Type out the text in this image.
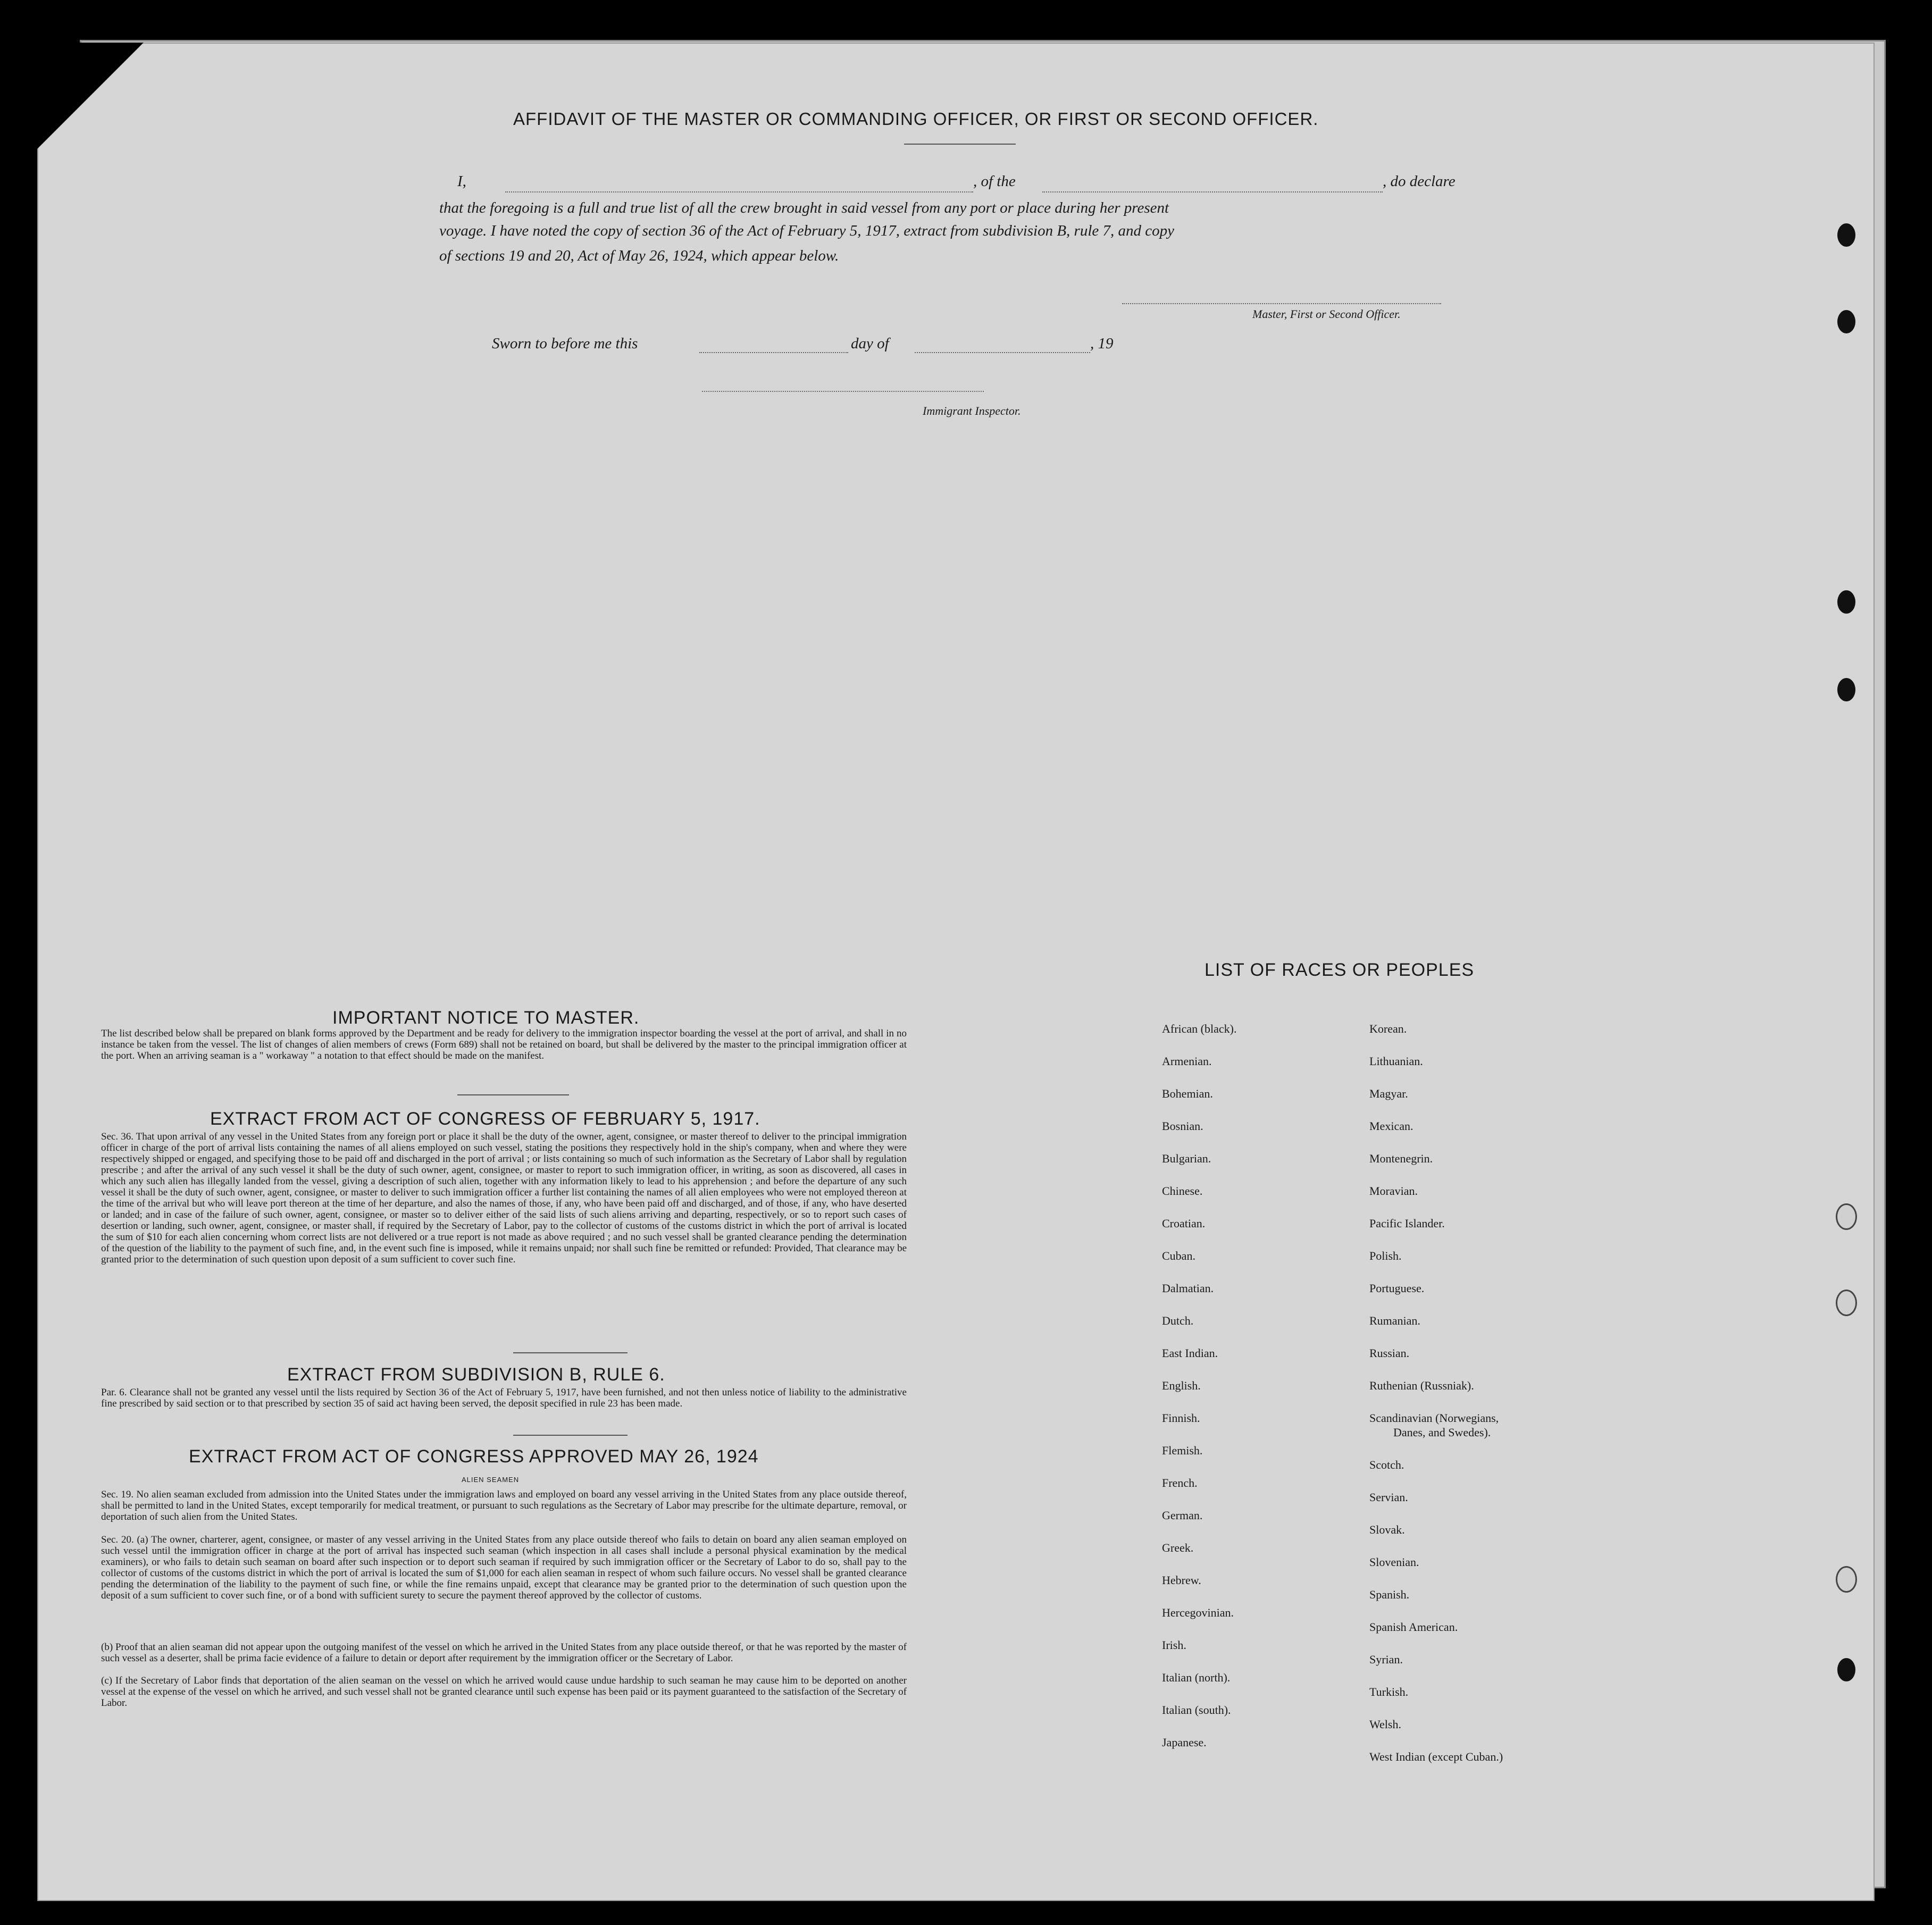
AFFIDAVIT OF THE MASTER OR COMMANDING OFFICER, OR FIRST OR SECOND OFFICER.
I,	, of the	, do declare
that the foregoing is a full and true list of all the crew brought in said vessel from any port or place during her present
voyage. I have noted the copy of section 36 of the Act of February 5, 1917, extract from subdivision B, rule 7, and copy
of sections 19 and 20, Act of May 26, 1924, which appear below.
Master, First or Second Officer.
Sworn to before me this	day of	, 19
Immigrant Inspector.
IMPORTANT NOTICE TO MASTER.
The list described below shall be prepared on blank forms approved by the Department and be ready for delivery to the immigration inspector boarding the vessel at the port of arrival, and shall in no instance be taken from the vessel. The list of changes of alien members of crews (Form 689) shall not be retained on board, but shall be delivered by the master to the principal immigration officer at the port. When an arriving seaman is a " workaway " a notation to that effect should be made on the manifest.
EXTRACT FROM ACT OF CONGRESS OF FEBRUARY 5, 1917.
Sec. 36. That upon arrival of any vessel in the United States from any foreign port or place it shall be the duty of the owner, agent, consignee, or master thereof to deliver to the principal immigration officer in charge of the port of arrival lists containing the names of all aliens employed on such vessel, stating the positions they respectively hold in the ship's company, when and where they were respectively shipped or engaged, and specifying those to be paid off and discharged in the port of arrival ; or lists containing so much of such information as the Secretary of Labor shall by regulation prescribe ; and after the arrival of any such vessel it shall be the duty of such owner, agent, consignee, or master to report to such immigration officer, in writing, as soon as discovered, all cases in which any such alien has illegally landed from the vessel, giving a description of such alien, together with any information likely to lead to his apprehension ; and before the departure of any such vessel it shall be the duty of such owner, agent, consignee, or master to deliver to such immigration officer a further list containing the names of all alien employees who were not employed thereon at the time of the arrival but who will leave port thereon at the time of her departure, and also the names of those, if any, who have been paid off and discharged, and of those, if any, who have deserted or landed; and in case of the failure of such owner, agent, consignee, or master so to deliver either of the said lists of such aliens arriving and departing, respectively, or so to report such cases of desertion or landing, such owner, agent, consignee, or master shall, if required by the Secretary of Labor, pay to the collector of customs of the customs district in which the port of arrival is located the sum of $10 for each alien concerning whom correct lists are not delivered or a true report is not made as above required ; and no such vessel shall be granted clearance pending the determination of the question of the liability to the payment of such fine, and, in the event such fine is imposed, while it remains unpaid; nor shall such fine be remitted or refunded: Provided, That clearance may be granted prior to the determination of such question upon deposit of a sum sufficient to cover such fine.
EXTRACT FROM SUBDIVISION B, RULE 6.
Par. 6. Clearance shall not be granted any vessel until the lists required by Section 36 of the Act of February 5, 1917, have been furnished, and not then unless notice of liability to the administrative fine prescribed by said section or to that prescribed by section 35 of said act having been served, the deposit specified in rule 23 has been made.
EXTRACT FROM ACT OF CONGRESS APPROVED MAY 26, 1924
ALIEN SEAMEN
Sec. 19. No alien seaman excluded from admission into the United States under the immigration laws and employed on board any vessel arriving in the United States from any place outside thereof, shall be permitted to land in the United States, except temporarily for medical treatment, or pursuant to such regulations as the Secretary of Labor may prescribe for the ultimate departure, removal, or deportation of such alien from the United States.
Sec. 20. (a) The owner, charterer, agent, consignee, or master of any vessel arriving in the United States from any place outside thereof who fails to detain on board any alien seaman employed on such vessel until the immigration officer in charge at the port of arrival has inspected such seaman (which inspection in all cases shall include a personal physical examination by the medical examiners), or who fails to detain such seaman on board after such inspection or to deport such seaman if required by such immigration officer or the Secretary of Labor to do so, shall pay to the collector of customs of the customs district in which the port of arrival is located the sum of $1,000 for each alien seaman in respect of whom such failure occurs. No vessel shall be granted clearance pending the determination of the liability to the payment of such fine, or while the fine remains unpaid, except that clearance may be granted prior to the determination of such question upon the deposit of a sum sufficient to cover such fine, or of a bond with sufficient surety to secure the payment thereof approved by the collector of customs.
(b) Proof that an alien seaman did not appear upon the outgoing manifest of the vessel on which he arrived in the United States from any place outside thereof, or that he was reported by the master of such vessel as a deserter, shall be prima facie evidence of a failure to detain or deport after requirement by the immigration officer or the Secretary of Labor.
(c) If the Secretary of Labor finds that deportation of the alien seaman on the vessel on which he arrived would cause undue hardship to such seaman he may cause him to be deported on another vessel at the expense of the vessel on which he arrived, and such vessel shall not be granted clearance until such expense has been paid or its payment guaranteed to the satisfaction of the Secretary of Labor.
LIST OF RACES OR PEOPLES
African (black).
Armenian.
Bohemian.
Bosnian.
Bulgarian.
Chinese.
Croatian.
Cuban.
Dalmatian.
Dutch.
East Indian.
English.
Finnish.
Flemish.
French.
German.
Greek.
Hebrew.
Hercegovinian.
Irish.
Italian (north).
Italian (south).
Japanese.
Korean.
Lithuanian.
Magyar.
Mexican.
Montenegrin.
Moravian.
Pacific Islander.
Polish.
Portuguese.
Rumanian.
Russian.
Ruthenian (Russniak).
Scandinavian (Norwegians,
Danes, and Swedes).
Scotch.
Servian.
Slovak.
Slovenian.
Spanish.
Spanish American.
Syrian.
Turkish.
Welsh.
West Indian (except Cuban.)
